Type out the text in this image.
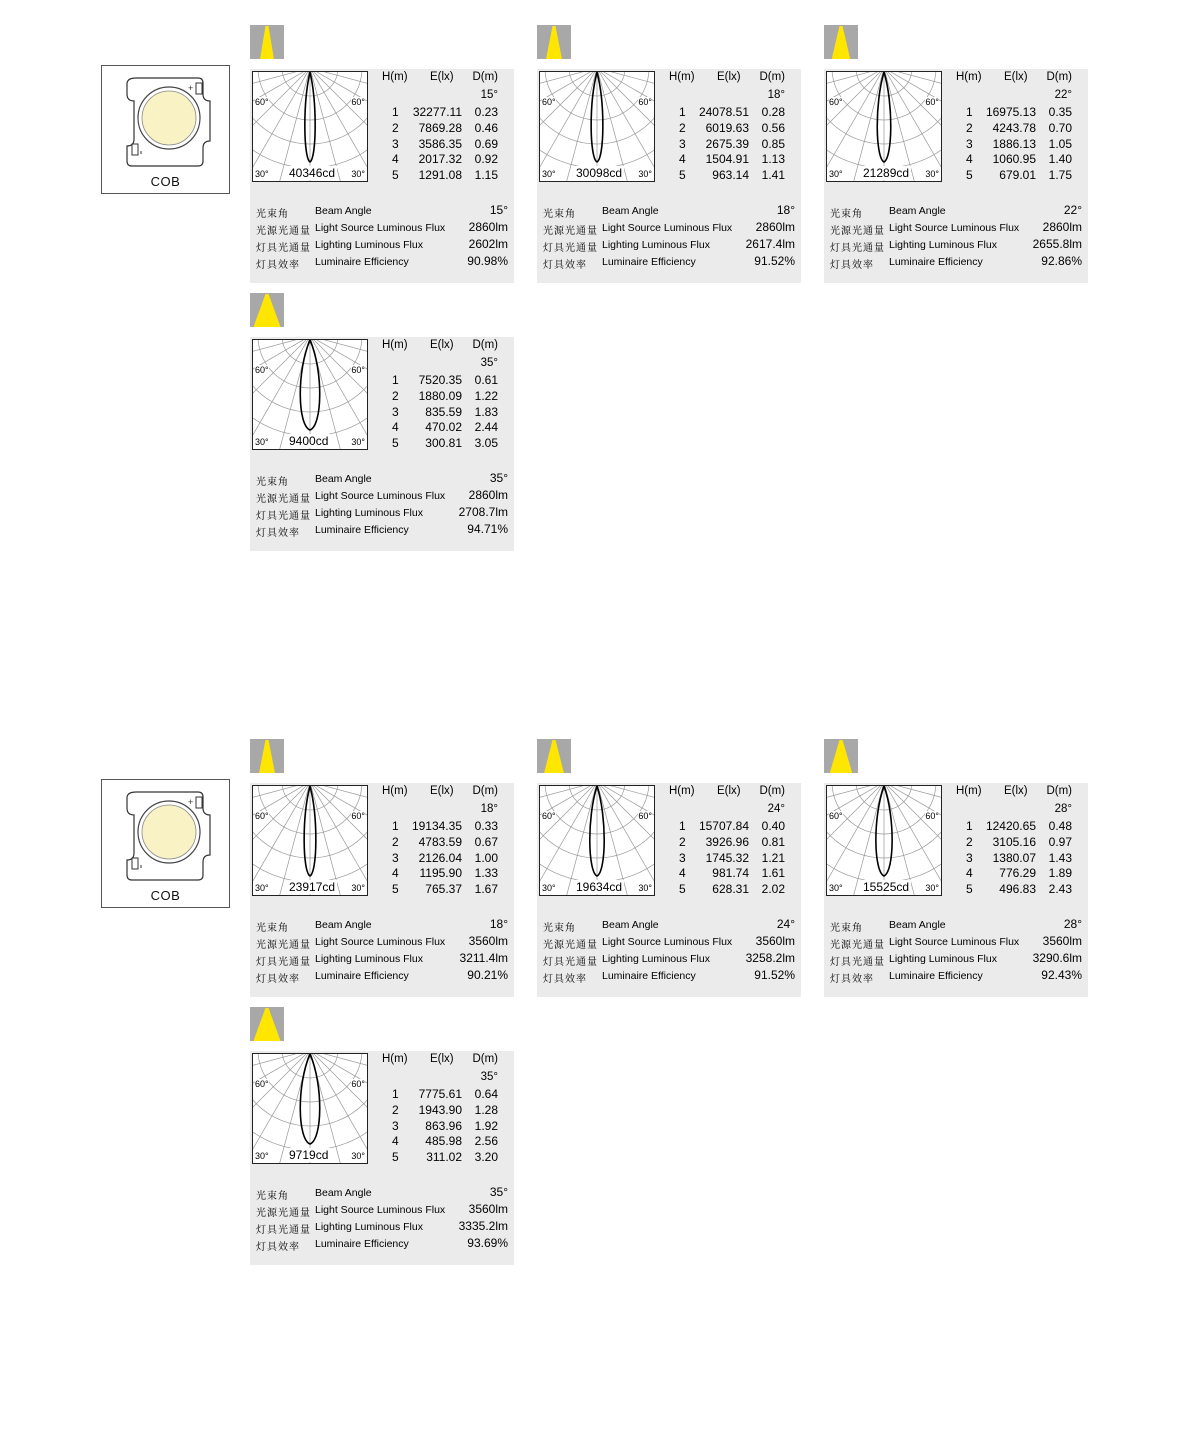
+
COB
60°	60°
30°	30°
40346cd
H(m) E(lx) D(m)
15°
1 32277.11 0.23
2 7869.28 0.46
3 3586.35 0.69
4 2017.32 0.92
5 1291.08 1.15
光束角 Beam Angle	15°
光源光通量 Light Source Luminous Flux 2860lm
灯具光通量 Lighting Luminous Flux	2602lm
灯具效率 Luminaire Efficiency	90.98%
60°	60°
30°	30°
30098cd
H(m) E(lx) D(m)
18°
1 24078.51 0.28
2 6019.63 0.56
3 2675.39 0.85
4 1504.91 1.13
5 963.14 1.41
光束角 Beam Angle	18°
光源光通量 Light Source Luminous Flux 2860lm
灯具光通量 Lighting Luminous Flux	2617.4lm
灯具效率 Luminaire Efficiency	91.52%
60°	60°
30°	30°
21289cd
H(m) E(lx) D(m)
22°
1 16975.13 0.35
2 4243.78 0.70
3 1886.13 1.05
4 1060.95 1.40
5 679.01 1.75
光束角 Beam Angle	22°
光源光通量 Light Source Luminous Flux 2860lm
灯具光通量 Lighting Luminous Flux	2655.8lm
灯具效率 Luminaire Efficiency	92.86%
60°	60°
30°	30°
9400cd
H(m) E(lx) D(m)
35°
1 7520.35 0.61
2 1880.09 1.22
3 835.59 1.83
4 470.02 2.44
5 300.81 3.05
光束角 Beam Angle	35°
光源光通量 Light Source Luminous Flux 2860lm
灯具光通量 Lighting Luminous Flux	2708.7lm
灯具效率 Luminaire Efficiency	94.71%
+
COB
60°	60°
30°	30°
23917cd
H(m) E(lx) D(m)
18°
1 19134.35 0.33
2 4783.59 0.67
3 2126.04 1.00
4 1195.90 1.33
5 765.37 1.67
光束角 Beam Angle	18°
光源光通量 Light Source Luminous Flux 3560lm
灯具光通量 Lighting Luminous Flux	3211.4lm
灯具效率 Luminaire Efficiency	90.21%
60°	60°
30°	30°
19634cd
H(m) E(lx) D(m)
24°
1 15707.84 0.40
2 3926.96 0.81
3 1745.32 1.21
4 981.74 1.61
5 628.31 2.02
光束角 Beam Angle	24°
光源光通量 Light Source Luminous Flux 3560lm
灯具光通量 Lighting Luminous Flux	3258.2lm
灯具效率 Luminaire Efficiency	91.52%
60°	60°
30°	30°
15525cd
H(m) E(lx) D(m)
28°
1 12420.65 0.48
2 3105.16 0.97
3 1380.07 1.43
4 776.29 1.89
5 496.83 2.43
光束角 Beam Angle	28°
光源光通量 Light Source Luminous Flux 3560lm
灯具光通量 Lighting Luminous Flux	3290.6lm
灯具效率 Luminaire Efficiency	92.43%
60°	60°
30°	30°
9719cd
H(m) E(lx) D(m)
35°
1 7775.61 0.64
2 1943.90 1.28
3 863.96 1.92
4 485.98 2.56
5 311.02 3.20
光束角 Beam Angle	35°
光源光通量 Light Source Luminous Flux 3560lm
灯具光通量 Lighting Luminous Flux	3335.2lm
灯具效率 Luminaire Efficiency	93.69%
